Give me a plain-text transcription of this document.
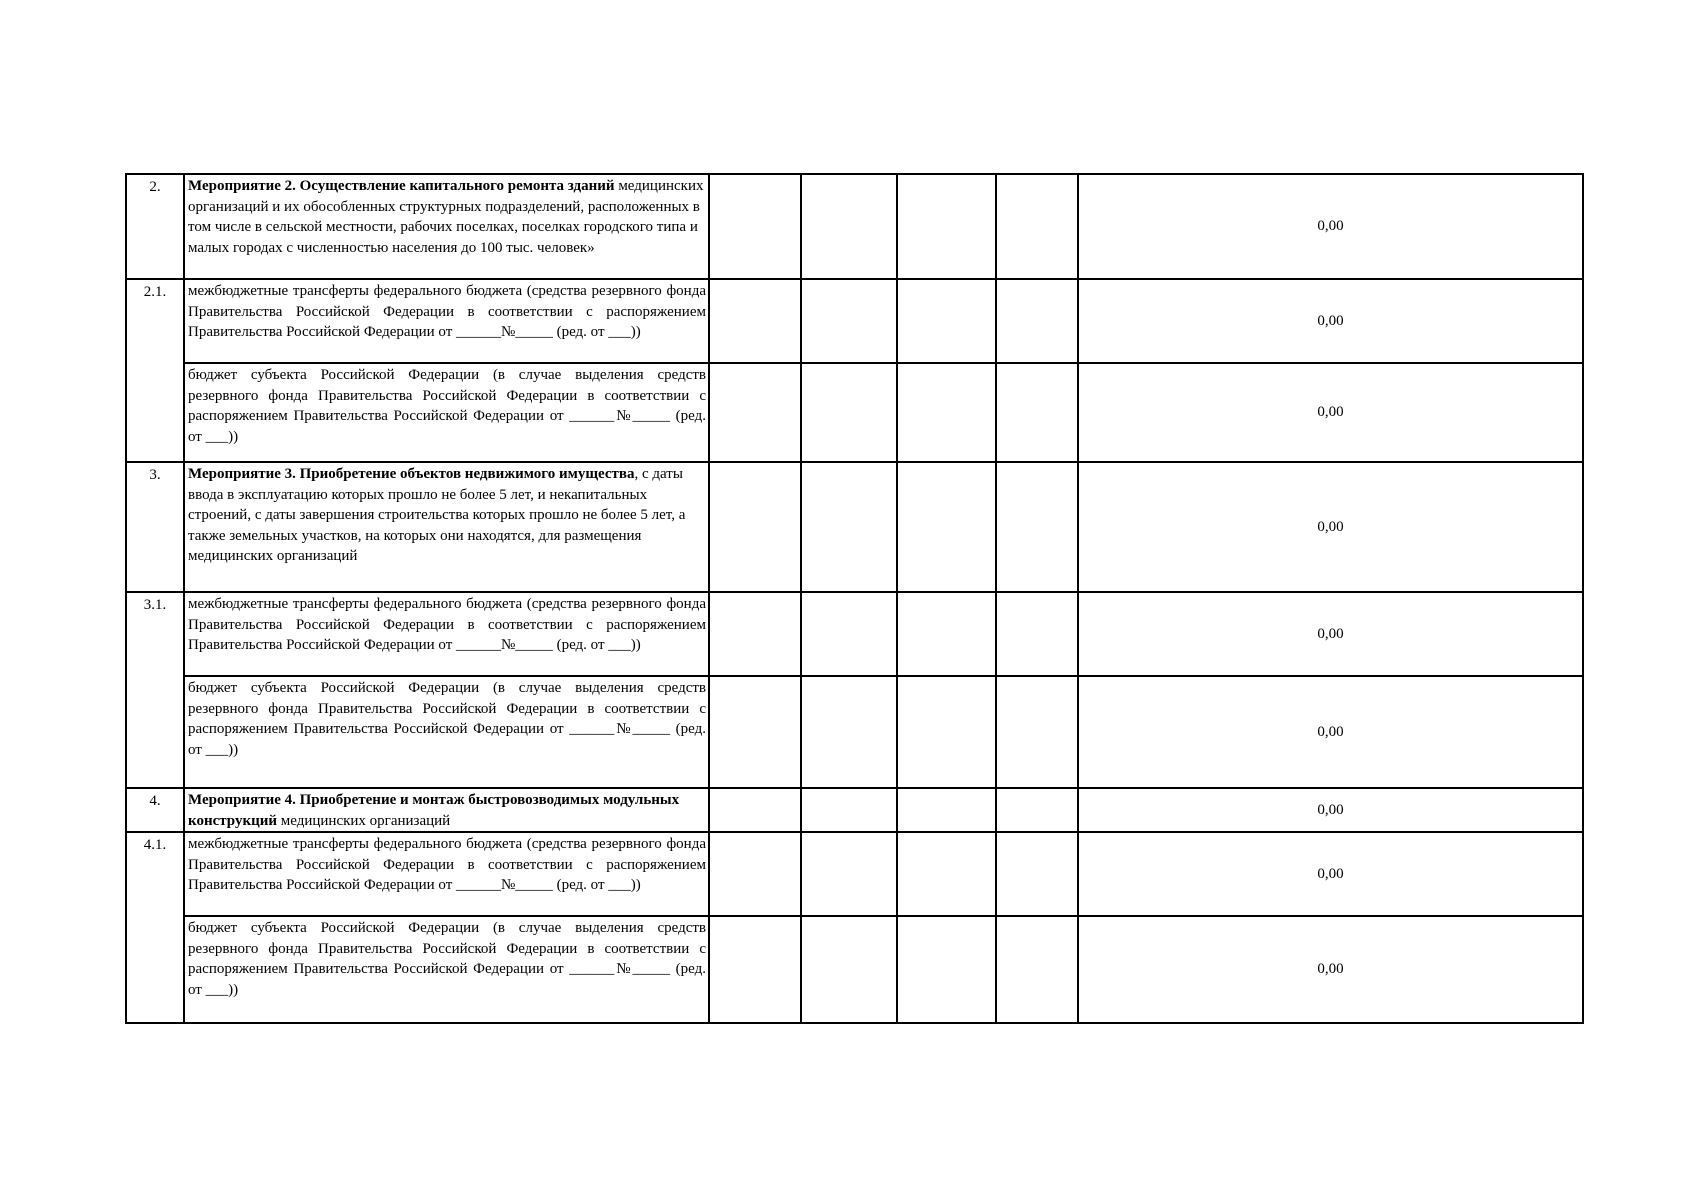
2.	Мероприятие 2. Осуществление капитального ремонта зданий медицинских организаций и их обособленных структурных подразделений, расположенных в том числе в сельской местности, рабочих поселках, поселках городского типа и малых городах с численностью населения до 100 тыс. человек»					0,00
2.1.	межбюджетные трансферты федерального бюджета (средства резервного фонда Правительства Российской Федерации в соответствии с распоряжением Правительства Российской Федерации от ______№_____ (ред. от ___))					0,00
	бюджет субъекта Российской Федерации (в случае выделения средств резервного фонда Правительства Российской Федерации в соответствии с распоряжением Правительства Российской Федерации от ______№_____ (ред. от ___))					0,00
3.	Мероприятие 3. Приобретение объектов недвижимого имущества, с даты ввода в эксплуатацию которых прошло не более 5 лет, и некапитальных строений, с даты завершения строительства которых прошло не более 5 лет, а также земельных участков, на которых они находятся, для размещения медицинских организаций					0,00
3.1.	межбюджетные трансферты федерального бюджета (средства резервного фонда Правительства Российской Федерации в соответствии с распоряжением Правительства Российской Федерации от ______№_____ (ред. от ___))					0,00
	бюджет субъекта Российской Федерации (в случае выделения средств резервного фонда Правительства Российской Федерации в соответствии с распоряжением Правительства Российской Федерации от ______№_____ (ред. от ___))					0,00
4.	Мероприятие 4. Приобретение и монтаж быстровозводимых модульных конструкций медицинских организаций					0,00
4.1.	межбюджетные трансферты федерального бюджета (средства резервного фонда Правительства Российской Федерации в соответствии с распоряжением Правительства Российской Федерации от ______№_____ (ред. от ___))					0,00
	бюджет субъекта Российской Федерации (в случае выделения средств резервного фонда Правительства Российской Федерации в соответствии с распоряжением Правительства Российской Федерации от ______№_____ (ред. от ___))					0,00
